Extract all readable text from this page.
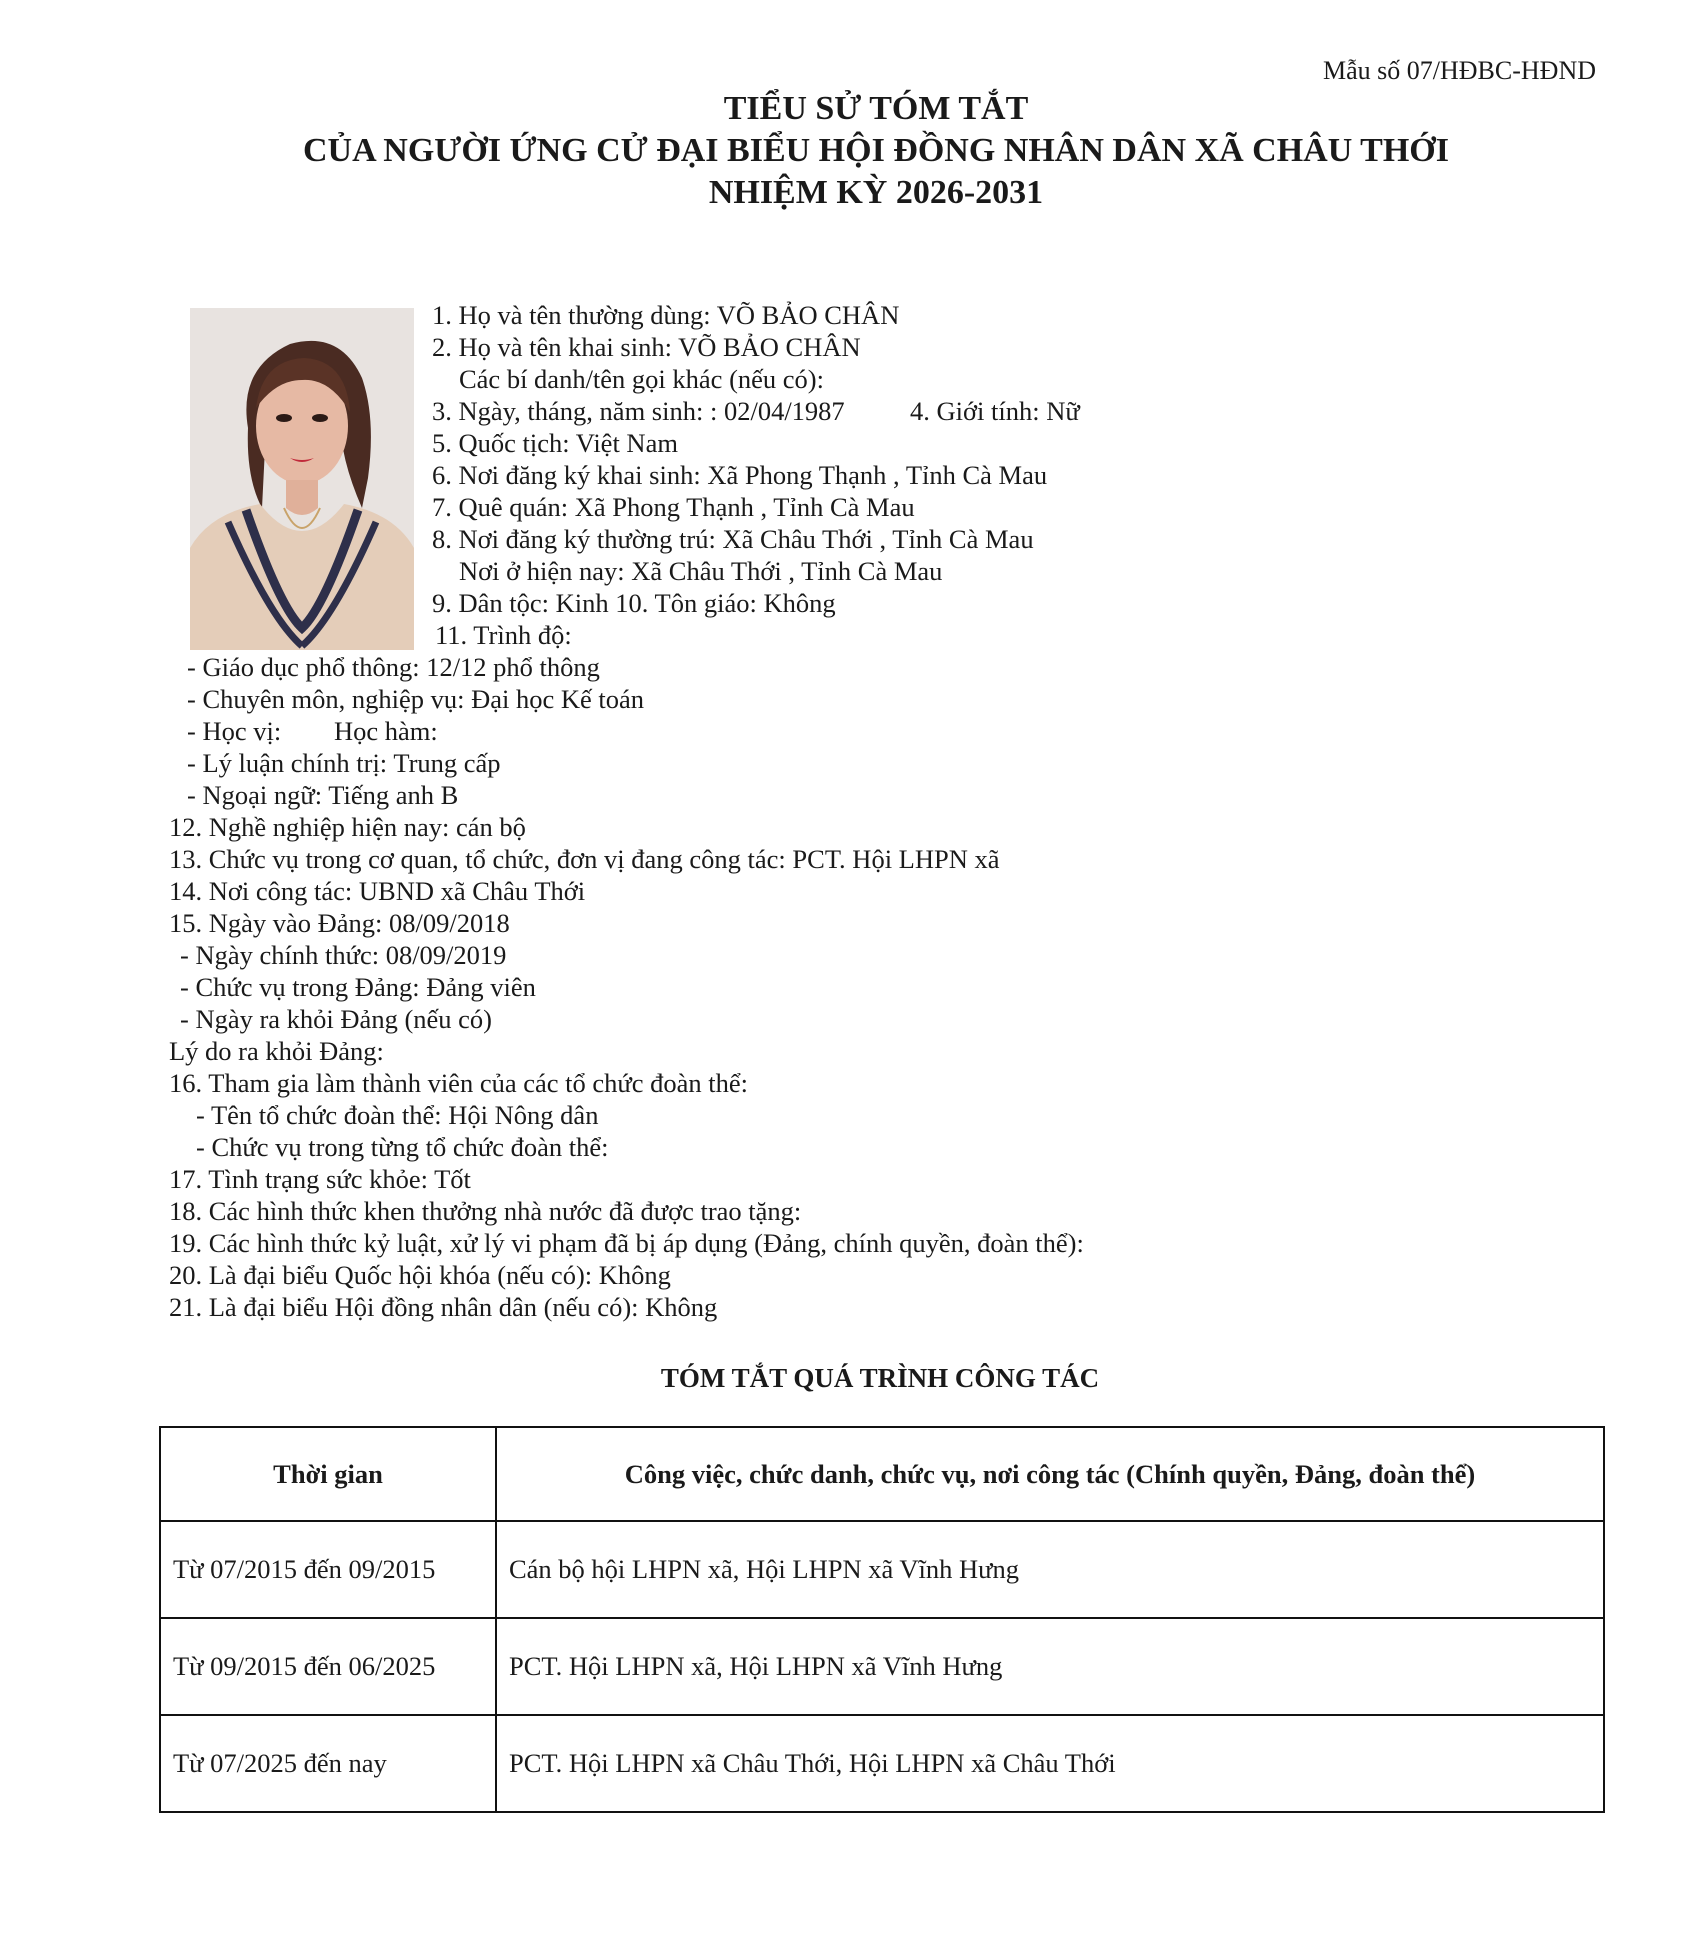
Mẫu số 07/HĐBC-HĐND
TIỂU SỬ TÓM TẮT
CỦA NGƯỜI ỨNG CỬ ĐẠI BIỂU HỘI ĐỒNG NHÂN DÂN XÃ CHÂU THỚI
NHIỆM KỲ 2026-2031
1. Họ và tên thường dùng: VÕ BẢO CHÂN
2. Họ và tên khai sinh: VÕ BẢO CHÂN
Các bí danh/tên gọi khác (nếu có):
3. Ngày, tháng, năm sinh: : 02/04/1987 4. Giới tính: Nữ
5. Quốc tịch: Việt Nam
6. Nơi đăng ký khai sinh: Xã Phong Thạnh , Tỉnh Cà Mau
7. Quê quán: Xã Phong Thạnh , Tỉnh Cà Mau
8. Nơi đăng ký thường trú: Xã Châu Thới , Tỉnh Cà Mau
Nơi ở hiện nay: Xã Châu Thới , Tỉnh Cà Mau
9. Dân tộc: Kinh 10. Tôn giáo: Không
11. Trình độ:
- Giáo dục phổ thông: 12/12 phổ thông
- Chuyên môn, nghiệp vụ: Đại học Kế toán
- Học vị: Học hàm:
- Lý luận chính trị: Trung cấp
- Ngoại ngữ: Tiếng anh B
12. Nghề nghiệp hiện nay: cán bộ
13. Chức vụ trong cơ quan, tổ chức, đơn vị đang công tác: PCT. Hội LHPN xã
14. Nơi công tác: UBND xã Châu Thới
15. Ngày vào Đảng: 08/09/2018
- Ngày chính thức: 08/09/2019
- Chức vụ trong Đảng: Đảng viên
- Ngày ra khỏi Đảng (nếu có)
Lý do ra khỏi Đảng:
16. Tham gia làm thành viên của các tổ chức đoàn thể:
- Tên tổ chức đoàn thể: Hội Nông dân
- Chức vụ trong từng tổ chức đoàn thể:
17. Tình trạng sức khỏe: Tốt
18. Các hình thức khen thưởng nhà nước đã được trao tặng:
19. Các hình thức kỷ luật, xử lý vi phạm đã bị áp dụng (Đảng, chính quyền, đoàn thể):
20. Là đại biểu Quốc hội khóa (nếu có): Không
21. Là đại biểu Hội đồng nhân dân (nếu có): Không
TÓM TẮT QUÁ TRÌNH CÔNG TÁC
Thời gian	Công việc, chức danh, chức vụ, nơi công tác (Chính quyền, Đảng, đoàn thể)
Từ 07/2015 đến 09/2015	Cán bộ hội LHPN xã, Hội LHPN xã Vĩnh Hưng
Từ 09/2015 đến 06/2025	PCT. Hội LHPN xã, Hội LHPN xã Vĩnh Hưng
Từ 07/2025 đến nay	PCT. Hội LHPN xã Châu Thới, Hội LHPN xã Châu Thới
